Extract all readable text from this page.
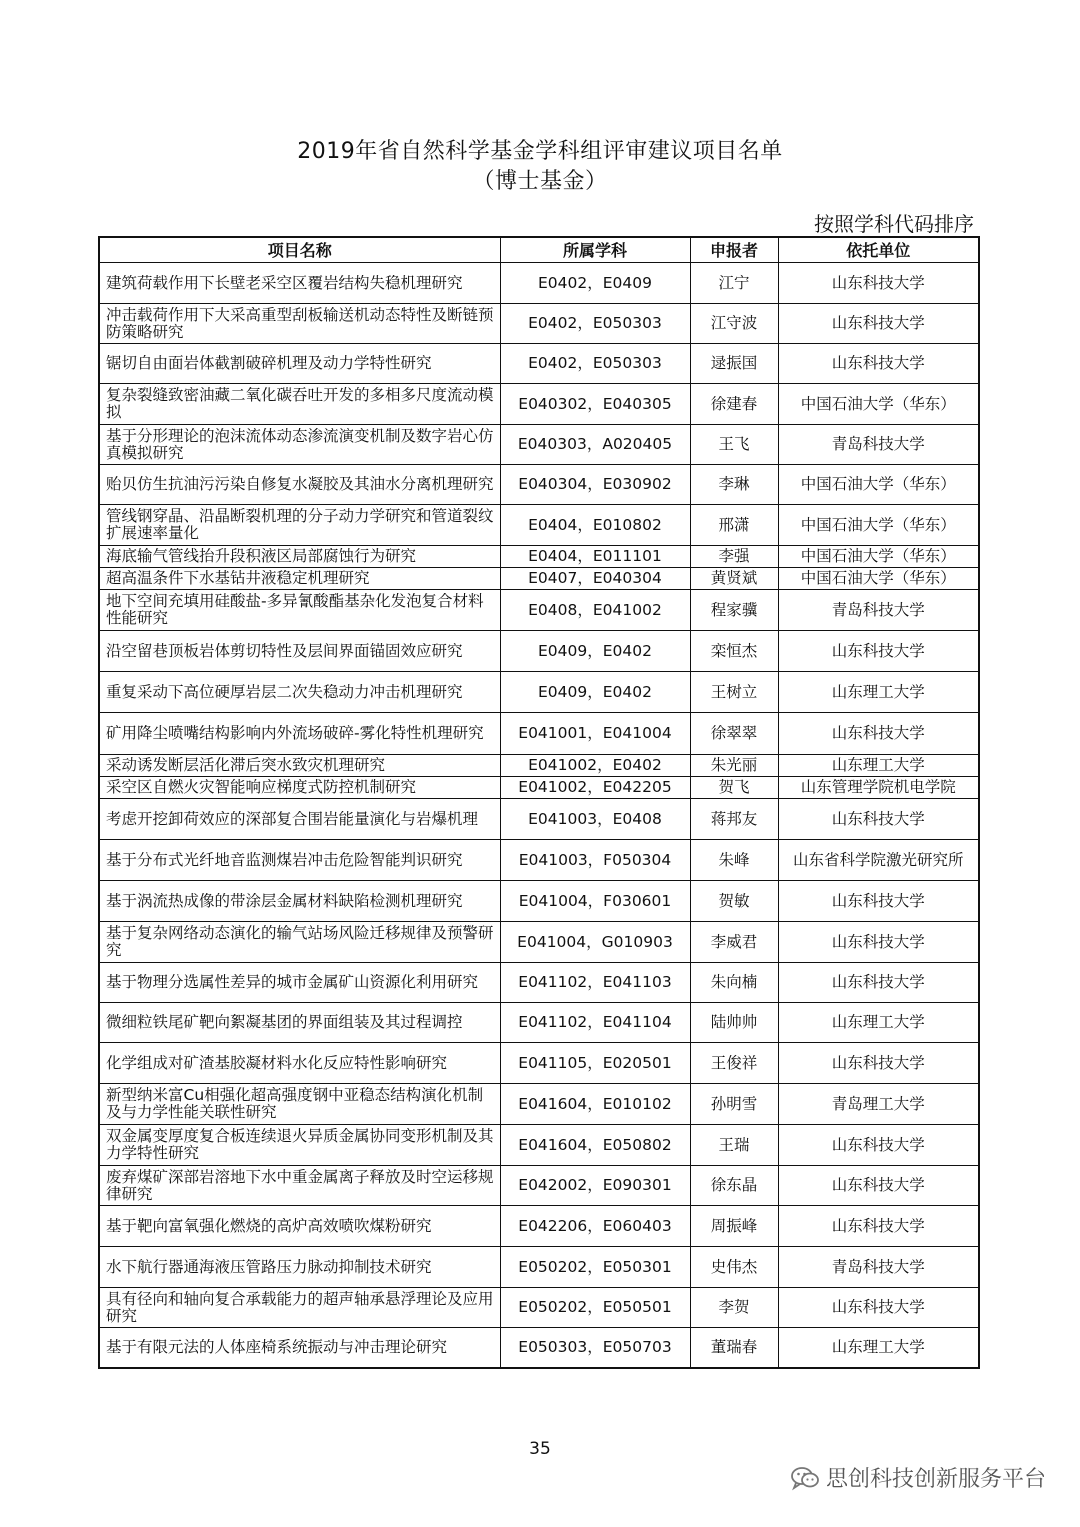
2019年省自然科学基金学科组评审建议项目名单
（博士基金）
按照学科代码排序
项目名称	所属学科	申报者	依托单位

建筑荷载作用下长壁老采空区覆岩结构失稳机理研究	E0402，E0409	江宁	山东科技大学

冲击载荷作用下大采高重型刮板输送机动态特性及断链预防策略研究	E0402，E050303	江守波	山东科技大学

锯切自由面岩体截割破碎机理及动力学特性研究	E0402，E050303	逯振国	山东科技大学

复杂裂缝致密油藏二氧化碳吞吐开发的多相多尺度流动模拟	E040302，E040305	徐建春	中国石油大学（华东）

基于分形理论的泡沫流体动态渗流演变机制及数字岩心仿真模拟研究	E040303，A020405	王飞	青岛科技大学

贻贝仿生抗油污污染自修复水凝胶及其油水分离机理研究	E040304，E030902	李琳	中国石油大学（华东）

管线钢穿晶、沿晶断裂机理的分子动力学研究和管道裂纹扩展速率量化	E0404，E010802	邢潇	中国石油大学（华东）

海底输气管线抬升段积液区局部腐蚀行为研究	E0404，E011101	李强	中国石油大学（华东）

超高温条件下水基钻井液稳定机理研究	E0407，E040304	黄贤斌	中国石油大学（华东）

地下空间充填用硅酸盐-多异氰酸酯基杂化发泡复合材料性能研究	E0408，E041002	程家骥	青岛科技大学

沿空留巷顶板岩体剪切特性及层间界面锚固效应研究	E0409，E0402	栾恒杰	山东科技大学

重复采动下高位硬厚岩层二次失稳动力冲击机理研究	E0409，E0402	王树立	山东理工大学

矿用降尘喷嘴结构影响内外流场破碎-雾化特性机理研究	E041001，E041004	徐翠翠	山东科技大学

采动诱发断层活化滞后突水致灾机理研究	E041002，E0402	朱光丽	山东理工大学

采空区自燃火灾智能响应梯度式防控机制研究	E041002，E042205	贺飞	山东管理学院机电学院

考虑开挖卸荷效应的深部复合围岩能量演化与岩爆机理	E041003，E0408	蒋邦友	山东科技大学

基于分布式光纤地音监测煤岩冲击危险智能判识研究	E041003，F050304	朱峰	山东省科学院激光研究所

基于涡流热成像的带涂层金属材料缺陷检测机理研究	E041004，F030601	贺敏	山东科技大学

基于复杂网络动态演化的输气站场风险迁移规律及预警研究	E041004，G010903	李威君	山东科技大学

基于物理分选属性差异的城市金属矿山资源化利用研究	E041102，E041103	朱向楠	山东科技大学

微细粒铁尾矿靶向絮凝基团的界面组装及其过程调控	E041102，E041104	陆帅帅	山东理工大学

化学组成对矿渣基胶凝材料水化反应特性影响研究	E041105，E020501	王俊祥	山东科技大学

新型纳米富Cu相强化超高强度钢中亚稳态结构演化机制及与力学性能关联性研究	E041604，E010102	孙明雪	青岛理工大学

双金属变厚度复合板连续退火异质金属协同变形机制及其力学特性研究	E041604，E050802	王瑞	山东科技大学

废弃煤矿深部岩溶地下水中重金属离子释放及时空运移规律研究	E042002，E090301	徐东晶	山东科技大学

基于靶向富氧强化燃烧的高炉高效喷吹煤粉研究	E042206，E060403	周振峰	山东科技大学

水下航行器通海液压管路压力脉动抑制技术研究	E050202，E050301	史伟杰	青岛科技大学

具有径向和轴向复合承载能力的超声轴承悬浮理论及应用研究	E050202，E050501	李贺	山东科技大学

基于有限元法的人体座椅系统振动与冲击理论研究	E050303，E050703	董瑞春	山东理工大学
35
思创科技创新服务平台
